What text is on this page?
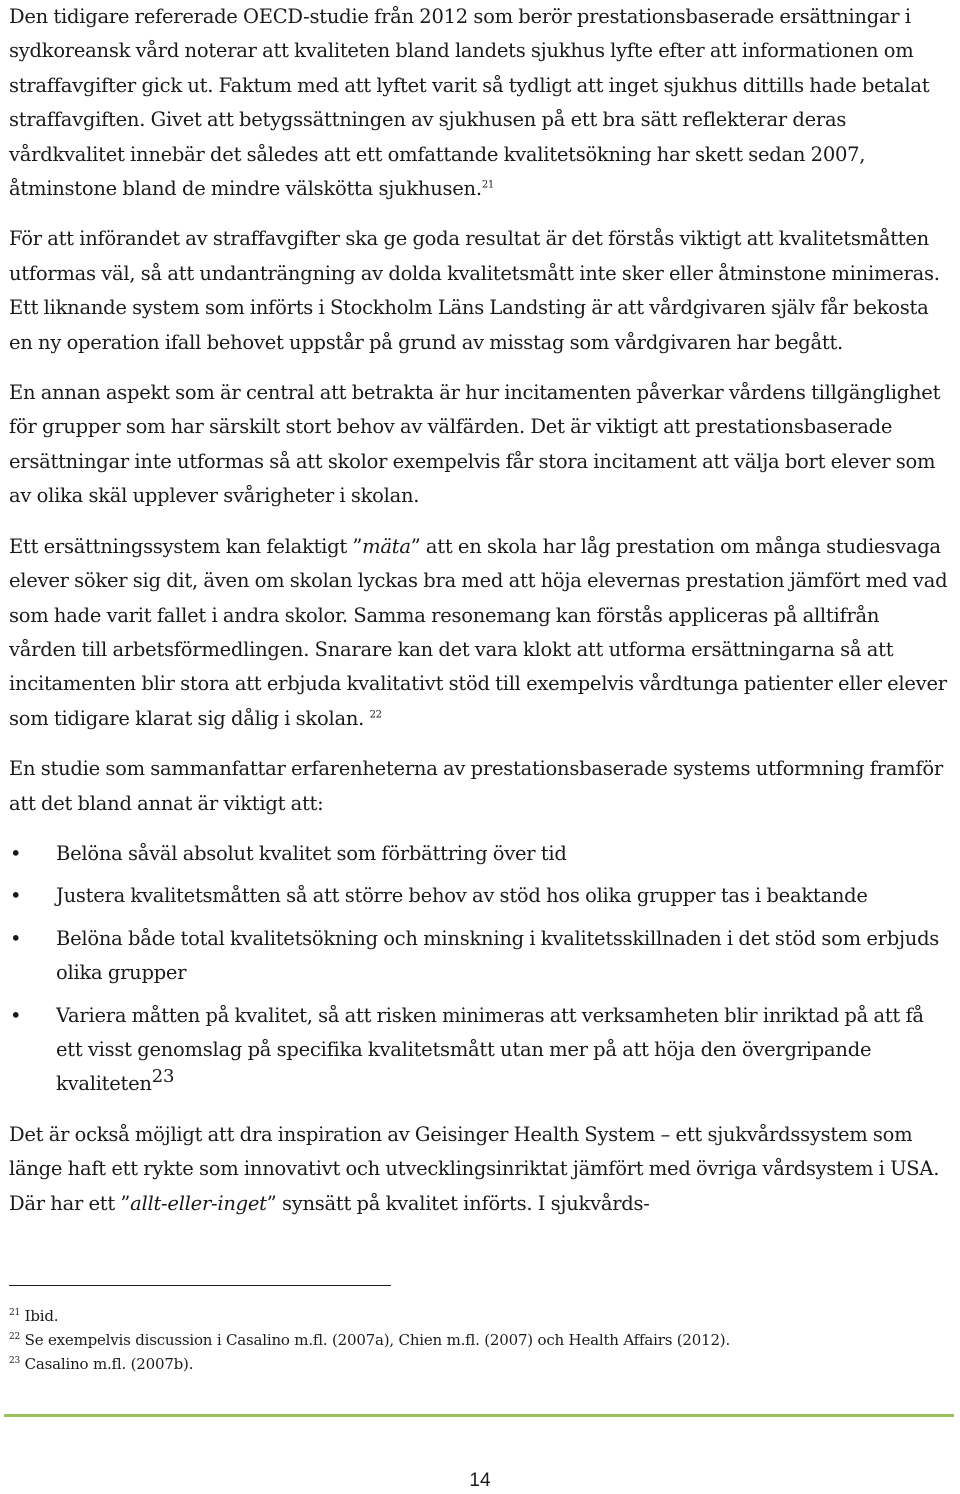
Den tidigare refererade OECD-studie från 2012 som berör prestationsbaserade ersättningar i sydkoreansk vård noterar att kvaliteten bland landets sjukhus lyfte efter att informationen om straffavgifter gick ut. Faktum med att lyftet varit så tydligt att inget sjukhus dittills hade betalat straffavgiften. Givet att betygssättningen av sjukhusen på ett bra sätt reflekterar deras vårdkvalitet innebär det således att ett omfattande kvalitetsökning har skett sedan 2007, åtminstone bland de mindre välskötta sjukhusen.$^{21}$

För att införandet av straffavgifter ska ge goda resultat är det förstås viktigt att kvalitetsmåtten utformas väl, så att undanträngning av dolda kvalitetsmått inte sker eller åtminstone minimeras. Ett liknande system som införts i Stockholm Läns Landsting är att vårdgivaren själv får bekosta en ny operation ifall behovet uppstår på grund av misstag som vårdgivaren har begått.

En annan aspekt som är central att betrakta är hur incitamenten påverkar vårdens tillgänglighet för grupper som har särskilt stort behov av välfärden. Det är viktigt att prestationsbaserade ersättningar inte utformas så att skolor exempelvis får stora incitament att välja bort elever som av olika skäl upplever svårigheter i skolan.

Ett ersättningssystem kan felaktigt ”mäta” att en skola har låg prestation om många studiesvaga elever söker sig dit, även om skolan lyckas bra med att höja elevernas prestation jämfört med vad som hade varit fallet i andra skolor. Samma resonemang kan förstås appliceras på alltifrån vården till arbetsförmedlingen. Snarare kan det vara klokt att utforma ersättningarna så att incitamenten blir stora att erbjuda kvalitativt stöd till exempelvis vårdtunga patienter eller elever som tidigare klarat sig dålig i skolan. $^{22}$

En studie som sammanfattar erfarenheterna av prestationsbaserade systems utformning framför att det bland annat är viktigt att:

• Belöna såväl absolut kvalitet som förbättring över tid
• Justera kvalitetsmåtten så att större behov av stöd hos olika grupper tas i beaktande
• Belöna både total kvalitetsökning och minskning i kvalitetsskillnaden i det stöd som erbjuds olika grupper
• Variera måtten på kvalitet, så att risken minimeras att verksamheten blir inriktad på att få ett visst genomslag på specifika kvalitetsmått utan mer på att höja den övergripande kvaliteten$^{23}$

Det är också möjligt att dra inspiration av Geisinger Health System – ett sjukvårdssystem som länge haft ett rykte som innovativt och utvecklingsinriktat jämfört med övriga vårdsystem i USA. Där har ett ”allt-eller-inget” synsätt på kvalitet införts. I sjukvårds-

$^{21}$ Ibid.
$^{22}$ Se exempelvis discussion i Casalino m.fl. (2007a), Chien m.fl. (2007) och Health Affairs (2012).
$^{23}$ Casalino m.fl. (2007b).
14
